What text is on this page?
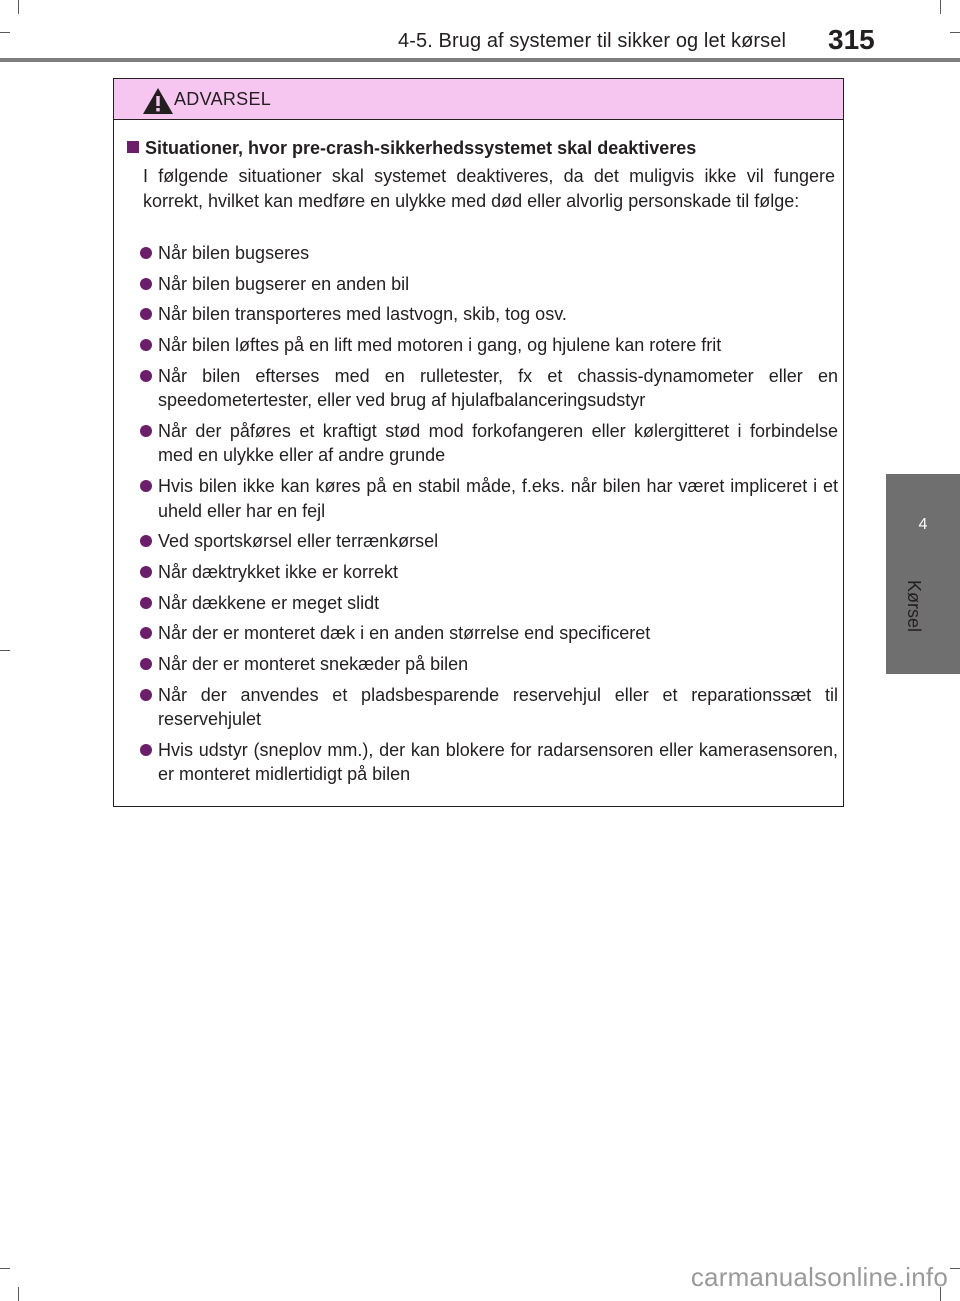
4-5. Brug af systemer til sikker og let kørsel 315
4
Kørsel
ADVARSEL
Situationer, hvor pre-crash-sikkerhedssystemet skal deaktiveres

I følgende situationer skal systemet deaktiveres, da det muligvis ikke vil fungere korrekt, hvilket kan medføre en ulykke med død eller alvorlig personskade til følge:

Når bilen bugseres
Når bilen bugserer en anden bil
Når bilen transporteres med lastvogn, skib, tog osv.
Når bilen løftes på en lift med motoren i gang, og hjulene kan rotere frit
Når bilen efterses med en rulletester, fx et chassis-dynamometer eller en speedometertester, eller ved brug af hjulafbalanceringsudstyr
Når der påføres et kraftigt stød mod forkofangeren eller kølergitteret i forbindelse med en ulykke eller af andre grunde
Hvis bilen ikke kan køres på en stabil måde, f.eks. når bilen har været impliceret i et uheld eller har en fejl
Ved sportskørsel eller terrænkørsel
Når dæktrykket ikke er korrekt
Når dækkene er meget slidt
Når der er monteret dæk i en anden størrelse end specificeret
Når der er monteret snekæder på bilen
Når der anvendes et pladsbesparende reservehjul eller et reparationssæt til reservehjulet
Hvis udstyr (sneplov mm.), der kan blokere for radarsensoren eller kamerasensoren, er monteret midlertidigt på bilen
carmanualsonline.info
